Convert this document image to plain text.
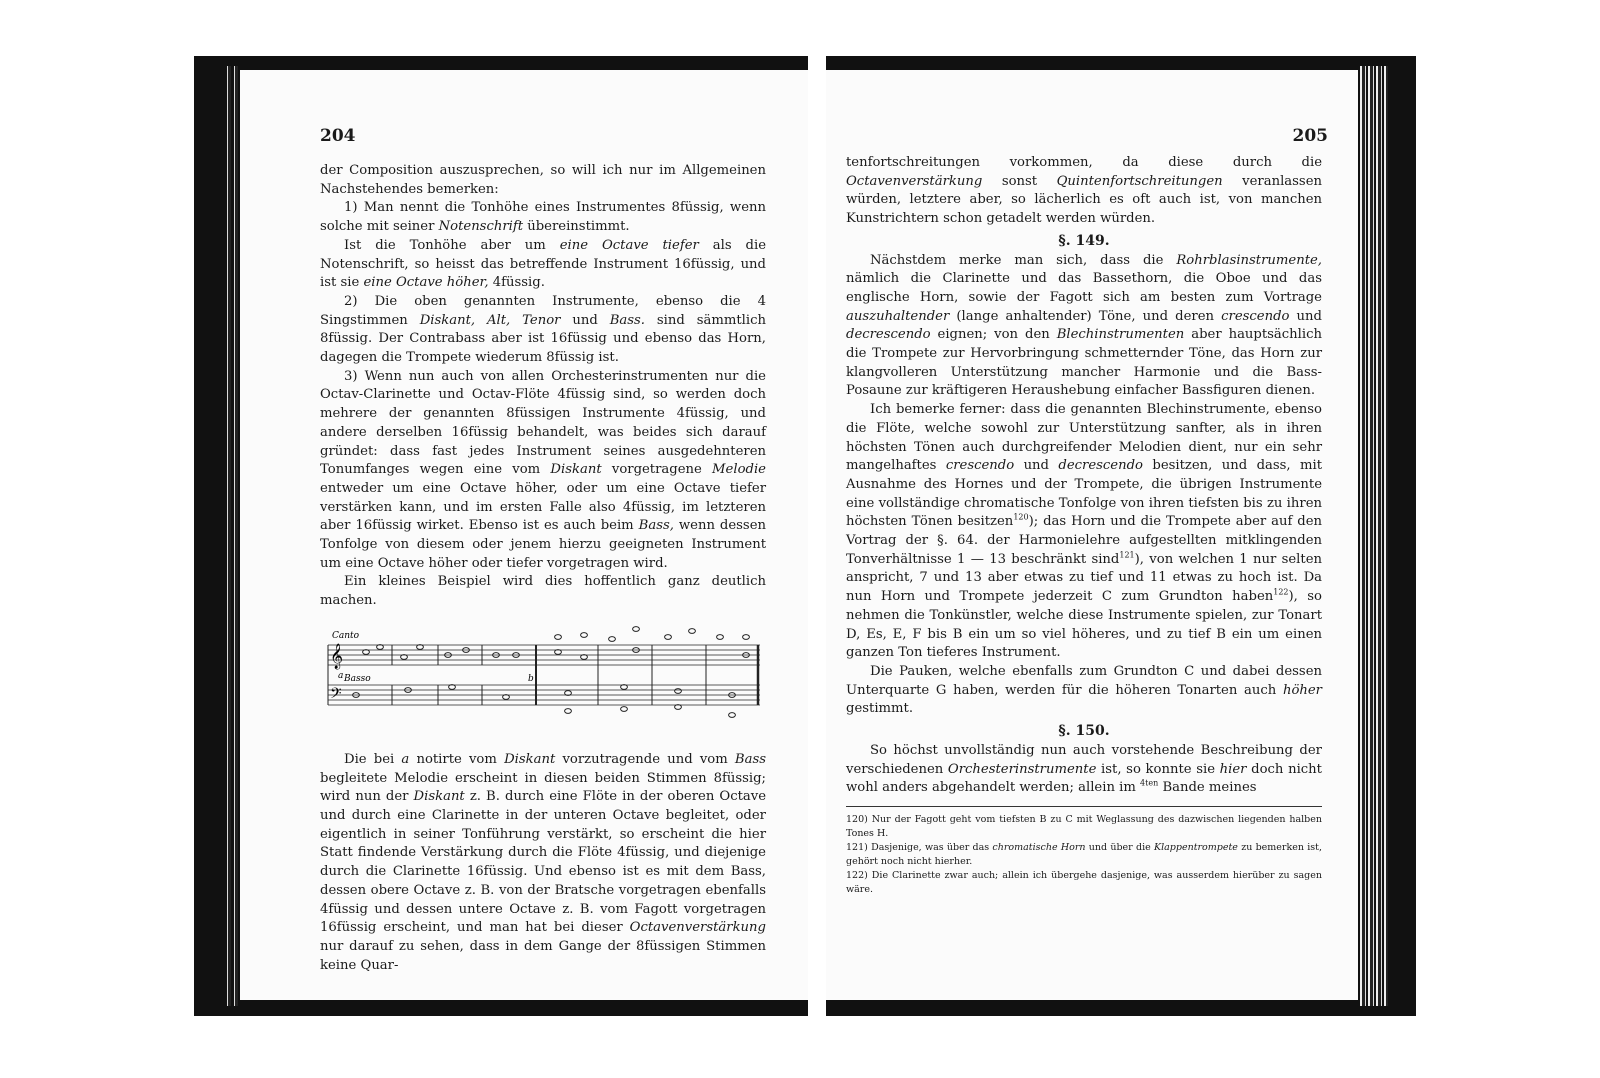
204

der Composition auszusprechen, so will ich nur im Allgemeinen Nachstehendes bemerken:

1) Man nennt die Tonhöhe eines Instrumentes 8füssig, wenn solche mit seiner Notenschrift übereinstimmt.

Ist die Tonhöhe aber um eine Octave tiefer als die Notenschrift, so heisst das betreffende Instrument 16füssig, und ist sie eine Octave höher, 4füssig.

2) Die oben genannten Instrumente, ebenso die 4 Singstimmen Diskant, Alt, Tenor und Bass. sind sämmtlich 8füssig. Der Contrabass aber ist 16füssig und ebenso das Horn, dagegen die Trompete wiederum 8füssig ist.

3) Wenn nun auch von allen Orchesterinstrumenten nur die Octav-Clarinette und Octav-Flöte 4füssig sind, so werden doch mehrere der genannten 8füssigen Instrumente 4füssig, und andere derselben 16füssig behandelt, was beides sich darauf gründet: dass fast jedes Instrument seines ausgedehnteren Tonumfanges wegen eine vom Diskant vorgetragene Melodie entweder um eine Octave höher, oder um eine Octave tiefer verstärken kann, und im ersten Falle also 4füssig, im letzteren aber 16füssig wirket. Ebenso ist es auch beim Bass, wenn dessen Tonfolge von diesem oder jenem hierzu geeigneten Instrument um eine Octave höher oder tiefer vorgetragen wird.

Ein kleines Beispiel wird dies hoffentlich ganz deutlich machen.

𝄞
𝄢
Canto
Basso
a	b

Die bei a notirte vom Diskant vorzutragende und vom Bass begleitete Melodie erscheint in diesen beiden Stimmen 8füssig; wird nun der Diskant z. B. durch eine Flöte in der oberen Octave und durch eine Clarinette in der unteren Octave begleitet, oder eigentlich in seiner Tonführung verstärkt, so erscheint die hier Statt findende Verstärkung durch die Flöte 4füssig, und diejenige durch die Clarinette 16füssig. Und ebenso ist es mit dem Bass, dessen obere Octave z. B. von der Bratsche vorgetragen ebenfalls 4füssig und dessen untere Octave z. B. vom Fagott vorgetragen 16füssig erscheint, und man hat bei dieser Octavenverstärkung nur darauf zu sehen, dass in dem Gange der 8füssigen Stimmen keine Quar-

205

tenfortschreitungen vorkommen, da diese durch die Octavenverstärkung sonst Quintenfortschreitungen veranlassen würden, letztere aber, so lächerlich es oft auch ist, von manchen Kunstrichtern schon getadelt werden würden.

§. 149.

Nächstdem merke man sich, dass die Rohrblasinstrumente, nämlich die Clarinette und das Bassethorn, die Oboe und das englische Horn, sowie der Fagott sich am besten zum Vortrage auszuhaltender (lange anhaltender) Töne, und deren crescendo und decrescendo eignen; von den Blechinstrumenten aber hauptsächlich die Trompete zur Hervorbringung schmetternder Töne, das Horn zur klangvolleren Unterstützung mancher Harmonie und die Bass-Posaune zur kräftigeren Heraushebung einfacher Bassfiguren dienen.

Ich bemerke ferner: dass die genannten Blechinstrumente, ebenso die Flöte, welche sowohl zur Unterstützung sanfter, als in ihren höchsten Tönen auch durchgreifender Melodien dient, nur ein sehr mangelhaftes crescendo und decrescendo besitzen, und dass, mit Ausnahme des Hornes und der Trompete, die übrigen Instrumente eine vollständige chromatische Tonfolge von ihren tiefsten bis zu ihren höchsten Tönen besitzen$^{120}$); das Horn und die Trompete aber auf den Vortrag der §. 64. der Harmonielehre aufgestellten mitklingenden Tonverhältnisse 1 — 13 beschränkt sind$^{121}$), von welchen 1 nur selten anspricht, 7 und 13 aber etwas zu tief und 11 etwas zu hoch ist. Da nun Horn und Trompete jederzeit C zum Grundton haben$^{122}$), so nehmen die Tonkünstler, welche diese Instrumente spielen, zur Tonart D, Es, E, F bis B ein um so viel höheres, und zu tief B ein um einen ganzen Ton tieferes Instrument.

Die Pauken, welche ebenfalls zum Grundton C und dabei dessen Unterquarte G haben, werden für die höheren Tonarten auch höher gestimmt.

§. 150.

So höchst unvollständig nun auch vorstehende Beschreibung der verschiedenen Orchesterinstrumente ist, so konnte sie hier doch nicht wohl anders abgehandelt werden; allein im $^{4ten}$ Bande meines

120) Nur der Fagott geht vom tiefsten B zu C mit Weglassung des dazwischen liegenden halben Tones H.

121) Dasjenige, was über das chromatische Horn und über die Klappentrompete zu bemerken ist, gehört noch nicht hierher.

122) Die Clarinette zwar auch; allein ich übergehe dasjenige, was ausserdem hierüber zu sagen wäre.
